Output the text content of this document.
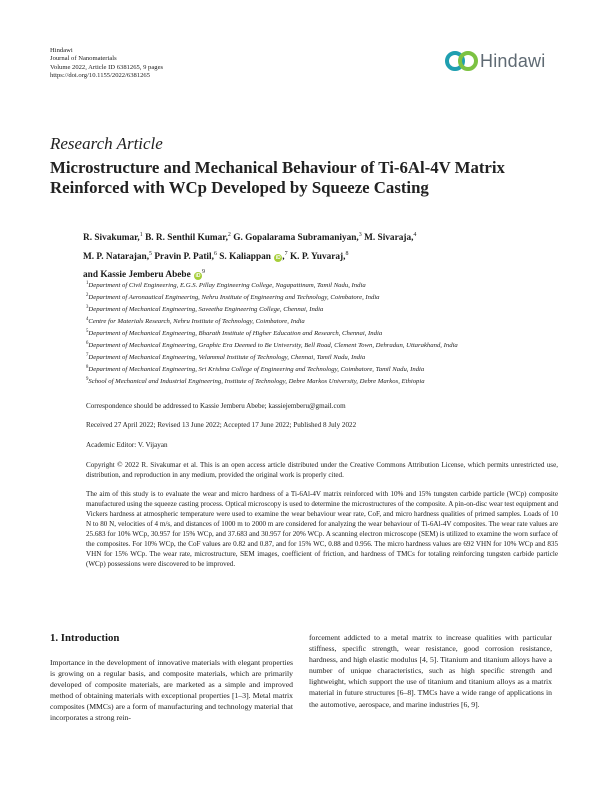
Hindawi
Journal of Nanomaterials
Volume 2022, Article ID 6381265, 9 pages
https://doi.org/10.1155/2022/6381265
Hindawi
Research Article
Microstructure and Mechanical Behaviour of Ti-6Al-4V Matrix Reinforced with WCp Developed by Squeeze Casting
R. Sivakumar,$^1$ B. R. Senthil Kumar,$^2$ G. Gopalarama Subramaniyan,$^3$ M. Sivaraja,$^4$
M. P. Natarajan,$^5$ Pravin P. Patil,$^6$ S. Kaliappan iD ,$^7$ K. P. Yuvaraj,$^8$
and Kassie Jemberu Abebe $iD^9$
$^1$Department of Civil Engineering, E.G.S. Pillay Engineering College, Nagapattinam, Tamil Nadu, India
$^2$Department of Aeronautical Engineering, Nehru Institute of Engineering and Technology, Coimbatore, India
$^3$Department of Mechanical Engineering, Saveetha Engineering College, Chennai, India
$^4$Centre for Materials Research, Nehru Institute of Technology, Coimbatore, India
$^5$Department of Mechanical Engineering, Bharath Institute of Higher Education and Research, Chennai, India
$^6$Department of Mechanical Engineering, Graphic Era Deemed to Be University, Bell Road, Clement Town, Dehradun, Uttarakhand, India
$^7$Department of Mechanical Engineering, Velammal Institute of Technology, Chennai, Tamil Nadu, India
$^8$Department of Mechanical Engineering, Sri Krishna College of Engineering and Technology, Coimbatore, Tamil Nadu, India
$^9$School of Mechanical and Industrial Engineering, Institute of Technology, Debre Markos University, Debre Markos, Ethiopia
Correspondence should be addressed to Kassie Jemberu Abebe; kassiejemberu@gmail.com
Received 27 April 2022; Revised 13 June 2022; Accepted 17 June 2022; Published 8 July 2022
Academic Editor: V. Vijayan
Copyright © 2022 R. Sivakumar et al. This is an open access article distributed under the Creative Commons Attribution License, which permits unrestricted use, distribution, and reproduction in any medium, provided the original work is properly cited.
The aim of this study is to evaluate the wear and micro hardness of a Ti-6Al-4V matrix reinforced with 10% and 15% tungsten carbide particle (WCp) composite manufactured using the squeeze casting process. Optical microscopy is used to determine the microstructures of the composite. A pin-on-disc wear test equipment and Vickers hardness at atmospheric temperature were used to examine the wear behaviour wear rate, CoF, and micro hardness qualities of primed samples. Loads of 10 N to 80 N, velocities of 4 m/s, and distances of 1000 m to 2000 m are considered for analyzing the wear behaviour of Ti-6Al-4V composites. The wear rate values are 25.683 for 10% WCp, 30.957 for 15% WCp, and 37.683 and 30.957 for 20% WCp. A scanning electron microscope (SEM) is utilized to examine the worn surface of the composites. For 10% WCp, the CoF values are 0.82 and 0.87, and for 15% WC, 0.88 and 0.956. The micro hardness values are 692 VHN for 10% WCp and 835 VHN for 15% WCp. The wear rate, microstructure, SEM images, coefficient of friction, and hardness of TMCs for totaling reinforcing tungsten carbide particle (WCp) possessions were discovered to be improved.
1. Introduction
Importance in the development of innovative materials with elegant properties is growing on a regular basis, and composite materials, which are primarily developed of composite materials, are marketed as a simple and improved method of obtaining materials with exceptional properties [1–3]. Metal matrix composites (MMCs) are a form of manufacturing and technology material that incorporates a strong rein-
forcement addicted to a metal matrix to increase qualities with particular stiffness, specific strength, wear resistance, good corrosion resistance, hardness, and high elastic modulus [4, 5]. Titanium and titanium alloys have a number of unique characteristics, such as high specific strength and lightweight, which support the use of titanium and titanium alloys as a matrix material in future structures [6–8]. TMCs have a wide range of applications in the automotive, aerospace, and marine industries [6, 9].
